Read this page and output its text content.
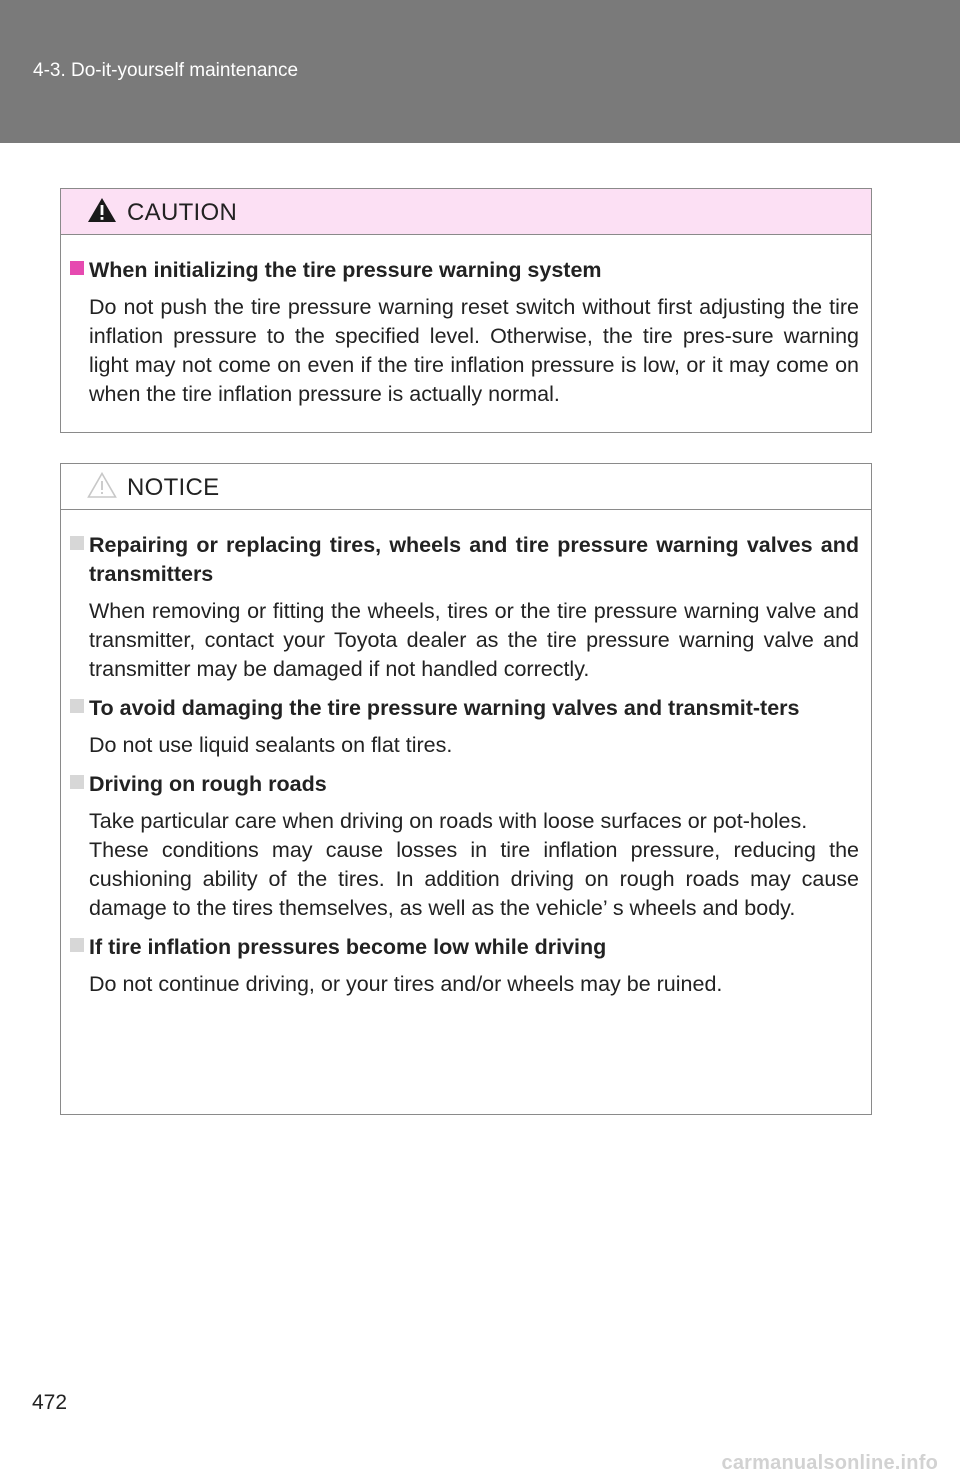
4-3. Do-it-yourself maintenance
CAUTION
When initializing the tire pressure warning system
Do not push the tire pressure warning reset switch without first adjusting the tire inflation pressure to the specified level. Otherwise, the tire pres-sure warning light may not come on even if the tire inflation pressure is low, or it may come on when the tire inflation pressure is actually normal.
NOTICE
Repairing or replacing tires, wheels and tire pressure warning valves and transmitters
When removing or fitting the wheels, tires or the tire pressure warning valve and transmitter, contact your Toyota dealer as the tire pressure warning valve and transmitter may be damaged if not handled correctly.
To avoid damaging the tire pressure warning valves and transmit-ters
Do not use liquid sealants on flat tires.
Driving on rough roads
Take particular care when driving on roads with loose surfaces or pot-holes.
These conditions may cause losses in tire inflation pressure, reducing the cushioning ability of the tires. In addition driving on rough roads may cause damage to the tires themselves, as well as the vehicle’ s wheels and body.
If tire inflation pressures become low while driving
Do not continue driving, or your tires and/or wheels may be ruined.
472
carmanualsonline.info
